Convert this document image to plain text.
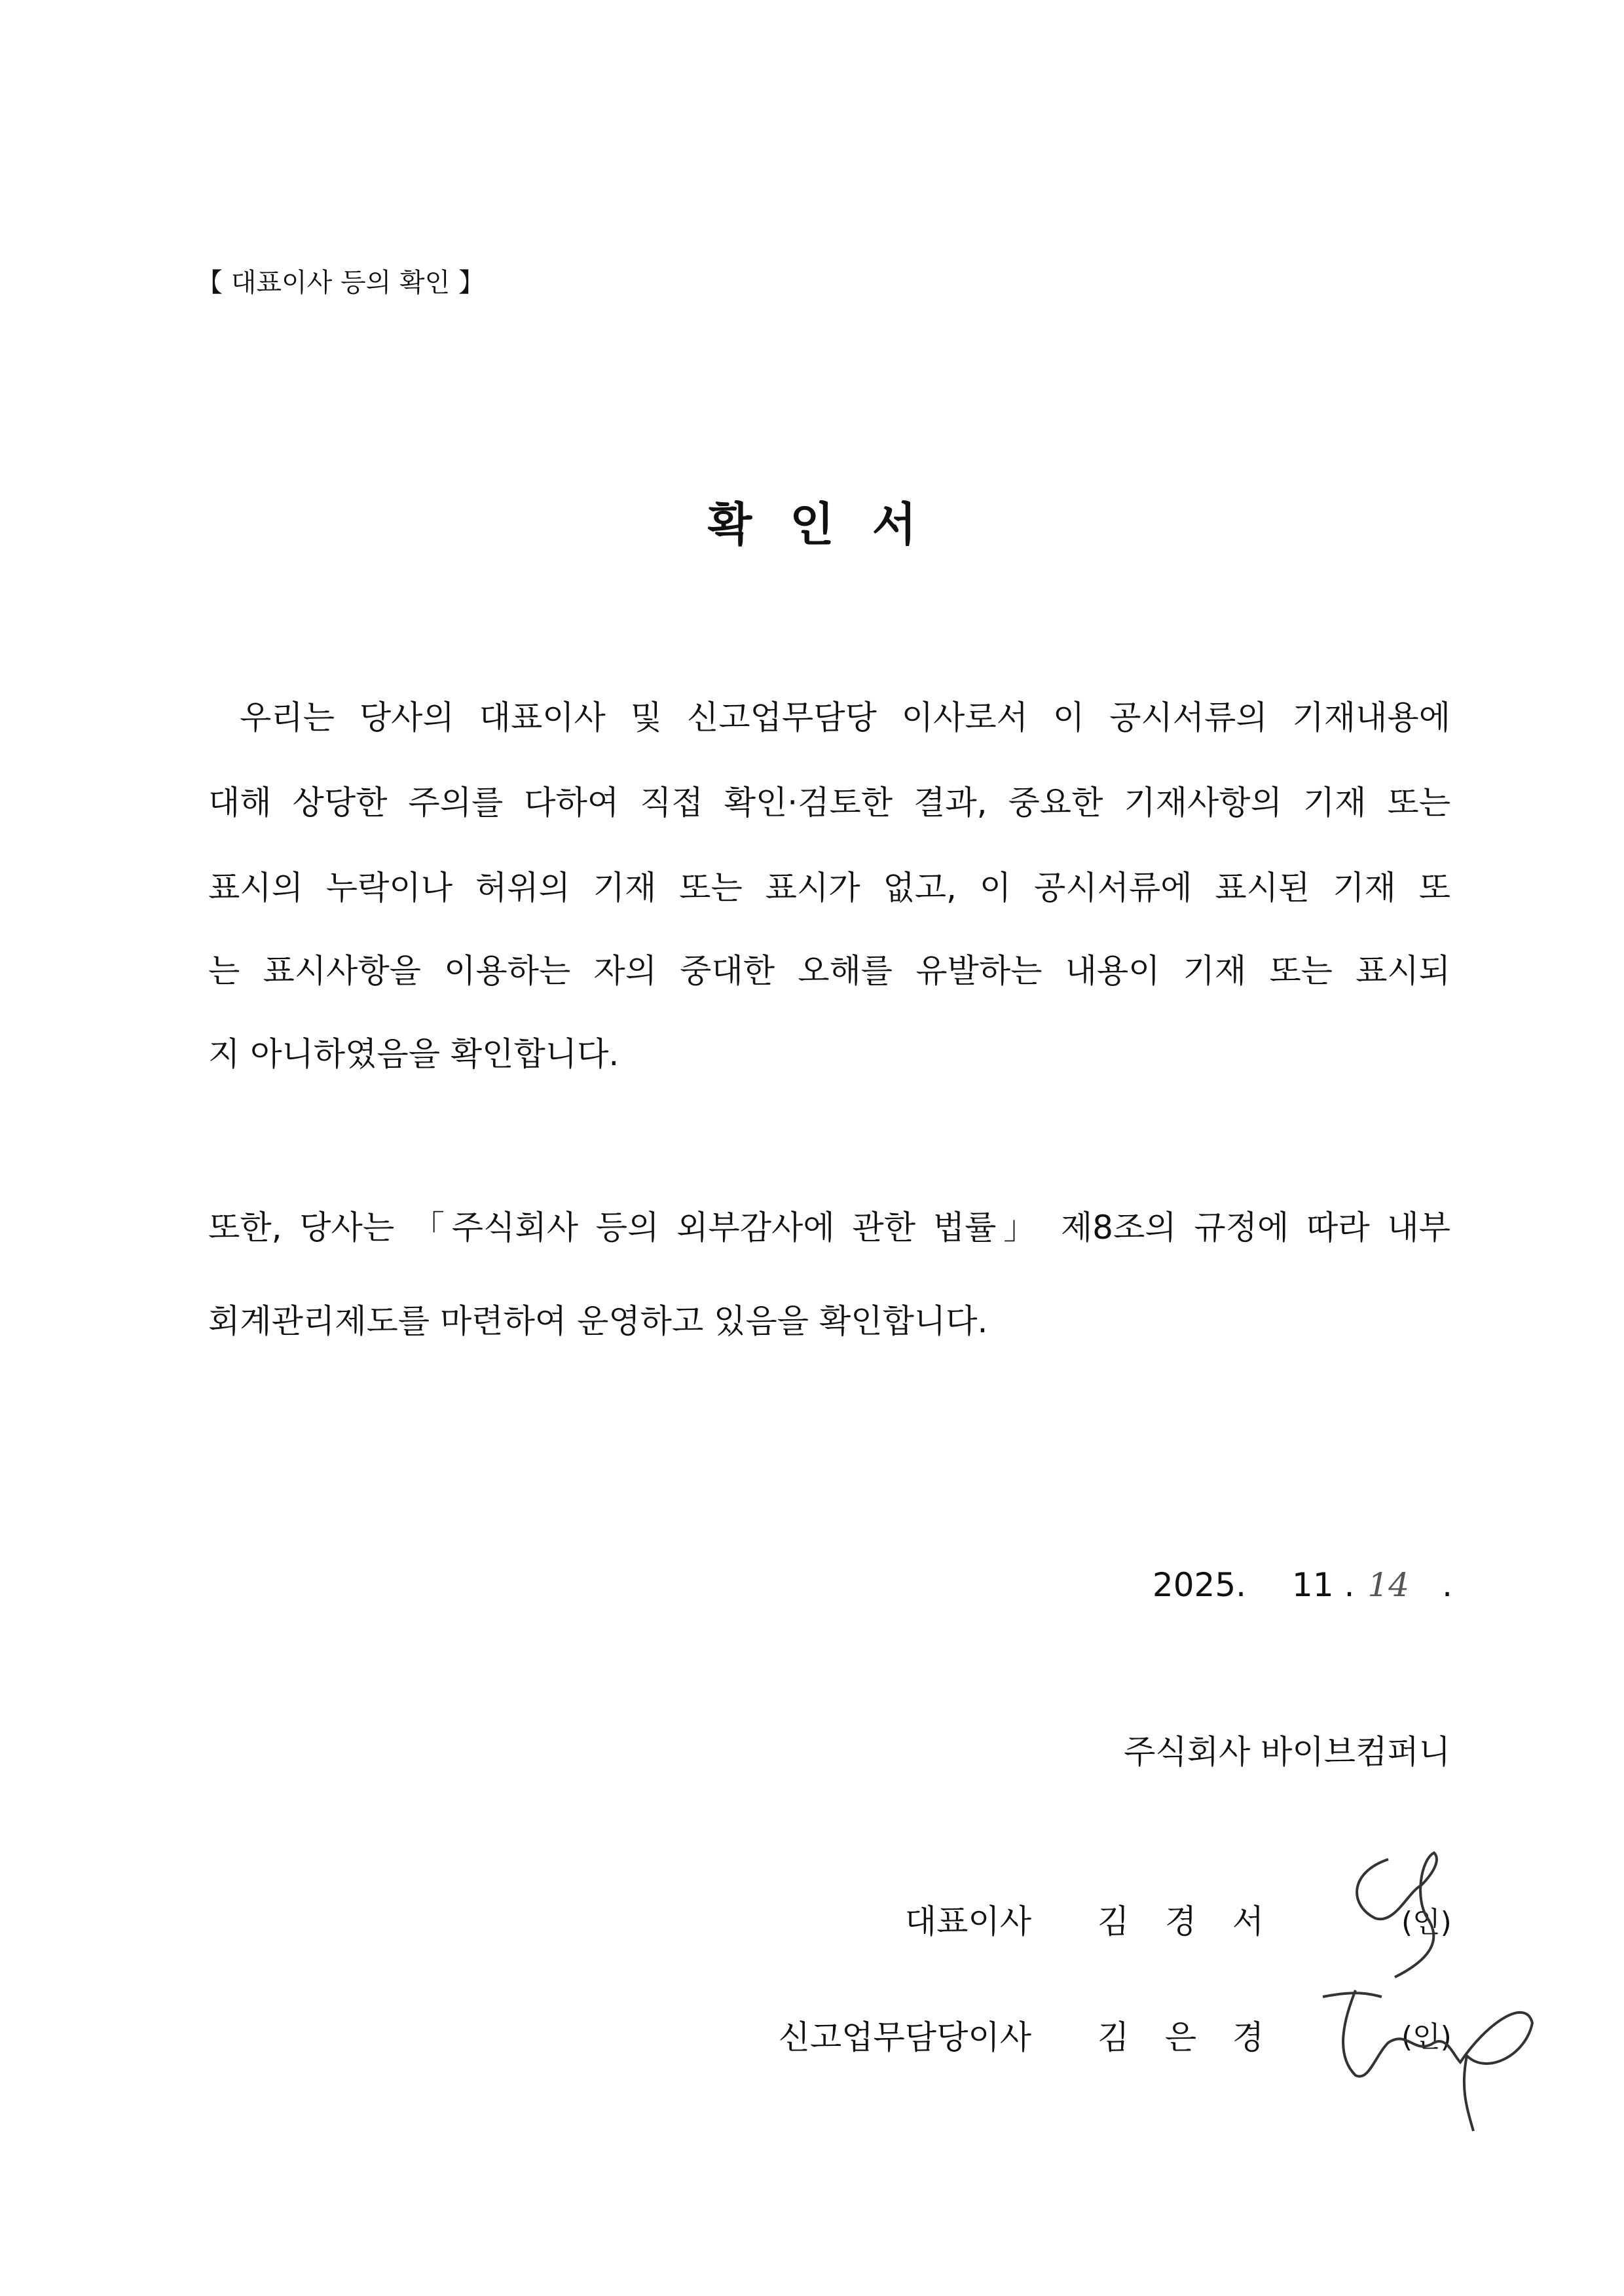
【 대표이사 등의 확인 】
확인서
우리는 당사의 대표이사 및 신고업무담당 이사로서 이 공시서류의 기재내용에
대해 상당한 주의를 다하여 직접 확인·검토한 결과, 중요한 기재사항의 기재 또는
표시의 누락이나 허위의 기재 또는 표시가 없고, 이 공시서류에 표시된 기재 또
는 표시사항을 이용하는 자의 중대한 오해를 유발하는 내용이 기재 또는 표시되
지 아니하였음을 확인합니다.
또한, 당사는 「주식회사 등의 외부감사에 관한 법률」 제8조의 규정에 따라 내부
회계관리제도를 마련하여 운영하고 있음을 확인합니다.
2025. 11 . 14 .
주식회사 바이브컴퍼니
대표이사 김 경 서	(인)
신고업무담당이사 김 은 경	(인)
